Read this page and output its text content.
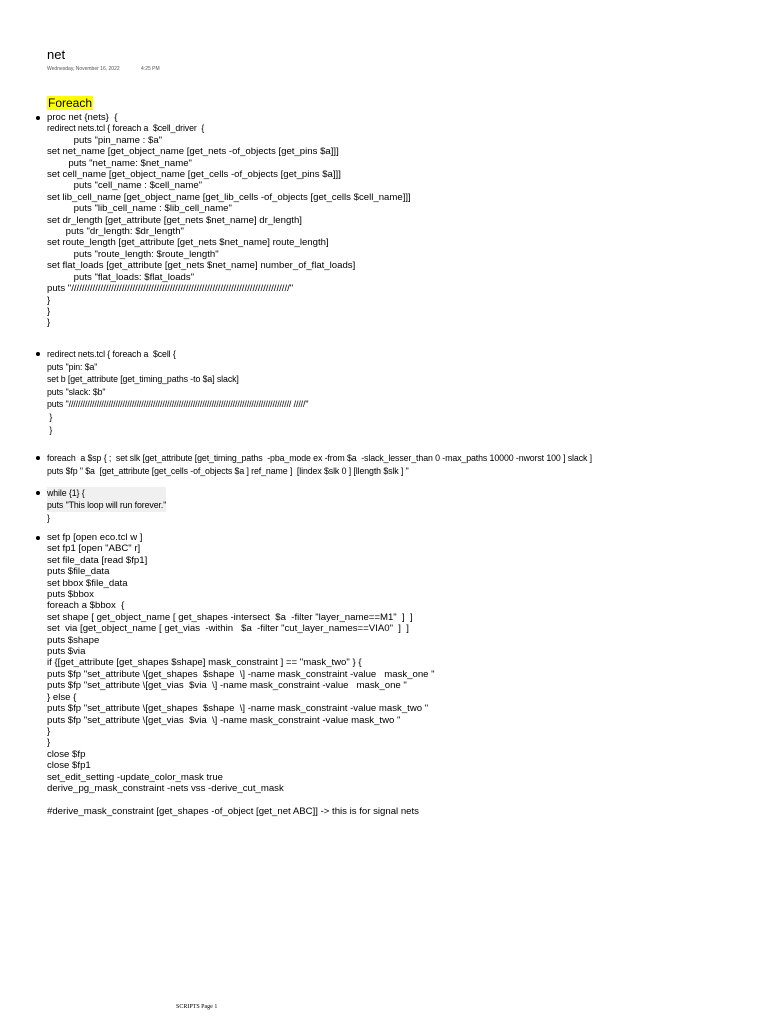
net
Wednesday, November 16, 2022	4:25 PM
Foreach
proc net {nets}  {
redirect nets.tcl { foreach a  $cell_driver  {
puts "pin_name : $a"
set net_name [get_object_name [get_nets -of_objects [get_pins $a]]]
puts "net_name: $net_name"
set cell_name [get_object_name [get_cells -of_objects [get_pins $a]]]
puts "cell_name : $cell_name"
set lib_cell_name [get_object_name [get_lib_cells -of_objects [get_cells $cell_name]]]
puts "lib_cell_name : $lib_cell_name"
set dr_length [get_attribute [get_nets $net_name] dr_length]
puts "dr_length: $dr_length"
set route_length [get_attribute [get_nets $net_name] route_length]
puts "route_length: $route_length"
set flat_loads [get_attribute [get_nets $net_name] number_of_flat_loads]
puts "flat_loads: $flat_loads"
puts "//////////////////////////////////////////////////////////////////////////////////"
}
}
}
redirect nets.tcl { foreach a  $cell {
puts "pin: $a"
set b [get_attribute [get_timing_paths -to $a] slack]
puts "slack: $b"
puts "/////////////////////////////////////////////////////////////////////////////////////////////// /////"
}
}
foreach  a $sp { ;  set slk [get_attribute [get_timing_paths  -pba_mode ex -from $a  -slack_lesser_than 0 -max_paths 10000 -nworst 100 ] slack ]
puts $fp " $a  [get_attribute [get_cells -of_objects $a ] ref_name ]  [lindex $slk 0 ] [llength $slk ] "
while {1} {
puts "This loop will run forever."
}
set fp [open eco.tcl w ]
set fp1 [open "ABC" r]
set file_data [read $fp1]
puts $file_data
set bbox $file_data
puts $bbox
foreach a $bbox  {
set shape [ get_object_name [ get_shapes -intersect  $a  -filter "layer_name==M1"  ]  ]
set  via [get_object_name [ get_vias  -within   $a  -filter "cut_layer_names==VIA0"  ]  ]
puts $shape
puts $via
if {[get_attribute [get_shapes $shape] mask_constraint ] == "mask_two" } {
puts $fp "set_attribute \[get_shapes  $shape  \] -name mask_constraint -value   mask_one "
puts $fp "set_attribute \[get_vias  $via  \] -name mask_constraint -value   mask_one "
} else {
puts $fp "set_attribute \[get_shapes  $shape  \] -name mask_constraint -value mask_two "
puts $fp "set_attribute \[get_vias  $via  \] -name mask_constraint -value mask_two "
}
}
close $fp
close $fp1
set_edit_setting -update_color_mask true
derive_pg_mask_constraint -nets vss -derive_cut_mask

#derive_mask_constraint [get_shapes -of_object [get_net ABC]] -> this is for signal nets
SCRIPTS Page 1
